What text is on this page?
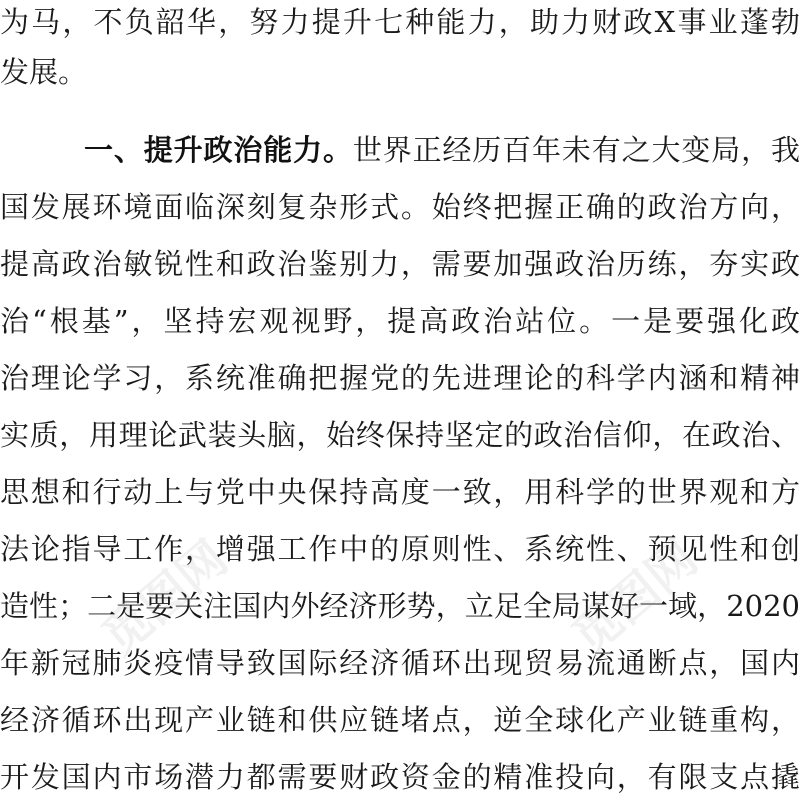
为马，不负韶华，努力提升七种能力，助力财政X事业蓬勃
发展。
一、提升政治能力。世界正经历百年未有之大变局，我
国发展环境面临深刻复杂形式。始终把握正确的政治方向，
提高政治敏锐性和政治鉴别力，需要加强政治历练，夯实政
治“根基”，坚持宏观视野，提高政治站位。一是要强化政
治理论学习，系统准确把握党的先进理论的科学内涵和精神
实质，用理论武装头脑，始终保持坚定的政治信仰，在政治、
思想和行动上与党中央保持高度一致，用科学的世界观和方
法论指导工作，增强工作中的原则性、系统性、预见性和创
造性；二是要关注国内外经济形势，立足全局谋好一域，2020
年新冠肺炎疫情导致国际经济循环出现贸易流通断点，国内
经济循环出现产业链和供应链堵点，逆全球化产业链重构，
开发国内市场潜力都需要财政资金的精准投向，有限支点撬
觅图网	觅图网
